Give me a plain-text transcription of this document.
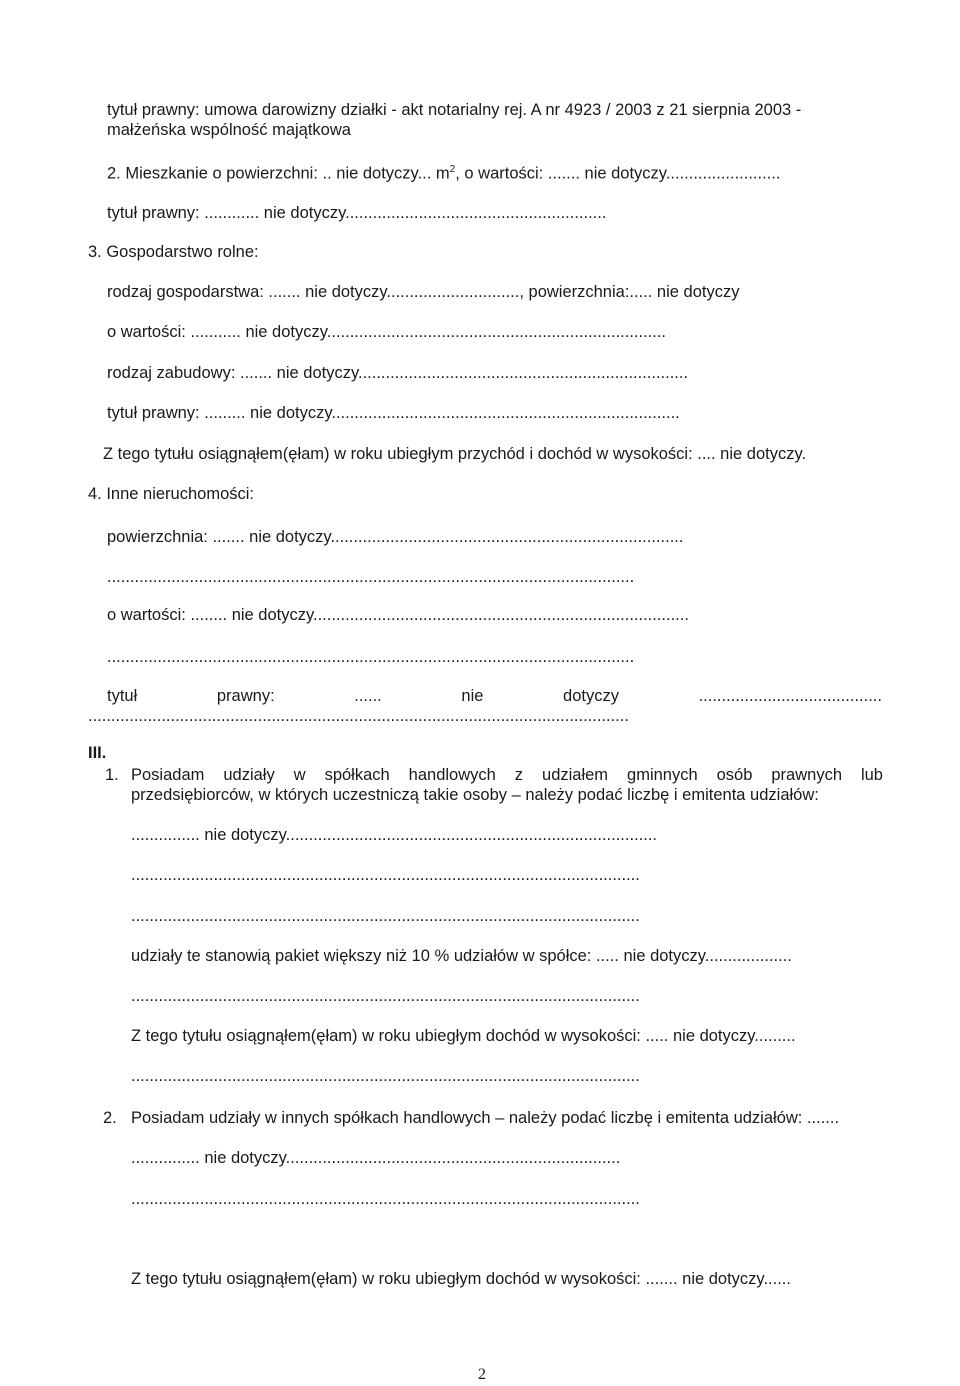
tytuł prawny: umowa darowizny działki - akt notarialny rej. A nr 4923 / 2003 z 21 sierpnia 2003 -
małżeńska wspólność majątkowa
2. Mieszkanie o powierzchni: .. nie dotyczy... $m^2$, o wartości: ....... nie dotyczy.........................
tytuł prawny: ............ nie dotyczy.........................................................
3. Gospodarstwo rolne:
rodzaj gospodarstwa: ....... nie dotyczy............................., powierzchnia:..... nie dotyczy
o wartości: ........... nie dotyczy..........................................................................
rodzaj zabudowy: ....... nie dotyczy........................................................................
tytuł prawny: ......... nie dotyczy............................................................................
Z tego tytułu osiągnąłem(ęłam) w roku ubiegłym przychód i dochód w wysokości: .... nie dotyczy.
4. Inne nieruchomości:
powierzchnia: ....... nie dotyczy.............................................................................
...................................................................................................................
o wartości: ........ nie dotyczy..................................................................................
...................................................................................................................
tytuł	prawny:	......	nie	dotyczy	........................................
......................................................................................................................
III.
1. Posiadam udziały w spółkach handlowych z udziałem gminnych osób prawnych lub
przedsiębiorców, w których uczestniczą takie osoby – należy podać liczbę i emitenta udziałów:
............... nie dotyczy.................................................................................
...............................................................................................................
...............................................................................................................
udziały te stanowią pakiet większy niż 10 % udziałów w spółce: ..... nie dotyczy...................
...............................................................................................................
Z tego tytułu osiągnąłem(ęłam) w roku ubiegłym dochód w wysokości: ..... nie dotyczy.........
...............................................................................................................
2. Posiadam udziały w innych spółkach handlowych – należy podać liczbę i emitenta udziałów: .......
............... nie dotyczy.........................................................................
...............................................................................................................
Z tego tytułu osiągnąłem(ęłam) w roku ubiegłym dochód w wysokości: ....... nie dotyczy......
2
